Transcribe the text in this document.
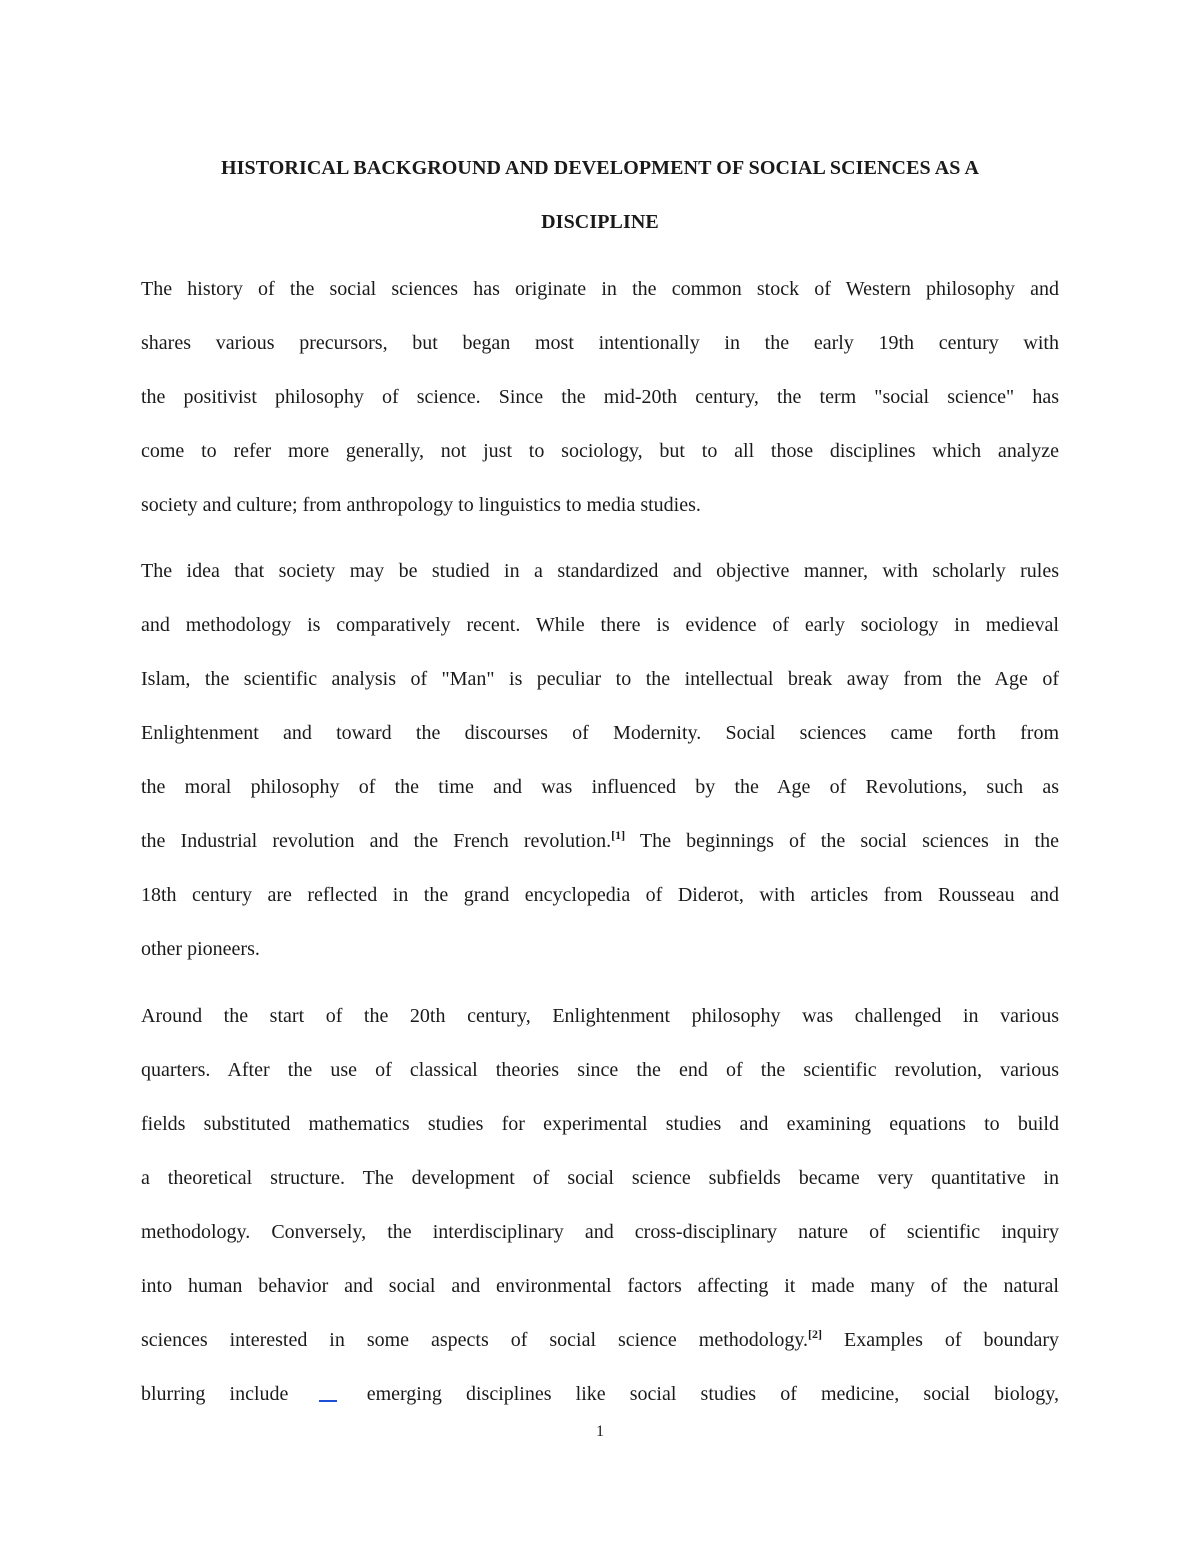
HISTORICAL BACKGROUND AND DEVELOPMENT OF SOCIAL SCIENCES AS A
DISCIPLINE
The history of the social sciences has originate in the common stock of Western philosophy and
shares various precursors, but began most intentionally in the early 19th century with
the positivist philosophy of science. Since the mid-20th century, the term "social science" has
come to refer more generally, not just to sociology, but to all those disciplines which analyze
society and culture; from anthropology to linguistics to media studies.
The idea that society may be studied in a standardized and objective manner, with scholarly rules
and methodology is comparatively recent. While there is evidence of early sociology in medieval
Islam, the scientific analysis of "Man" is peculiar to the intellectual break away from the Age of
Enlightenment and toward the discourses of Modernity. Social sciences came forth from
the moral philosophy of the time and was influenced by the Age of Revolutions, such as
the Industrial revolution and the French revolution.[1] The beginnings of the social sciences in the
18th century are reflected in the grand encyclopedia of Diderot, with articles from Rousseau and
other pioneers.
Around the start of the 20th century, Enlightenment philosophy was challenged in various
quarters. After the use of classical theories since the end of the scientific revolution, various
fields substituted mathematics studies for experimental studies and examining equations to build
a theoretical structure. The development of social science subfields became very quantitative in
methodology. Conversely, the interdisciplinary and cross-disciplinary nature of scientific inquiry
into human behavior and social and environmental factors affecting it made many of the natural
sciences interested in some aspects of social science methodology.[2] Examples of boundary
blurring include	emerging disciplines like social studies of medicine, social biology,
1
